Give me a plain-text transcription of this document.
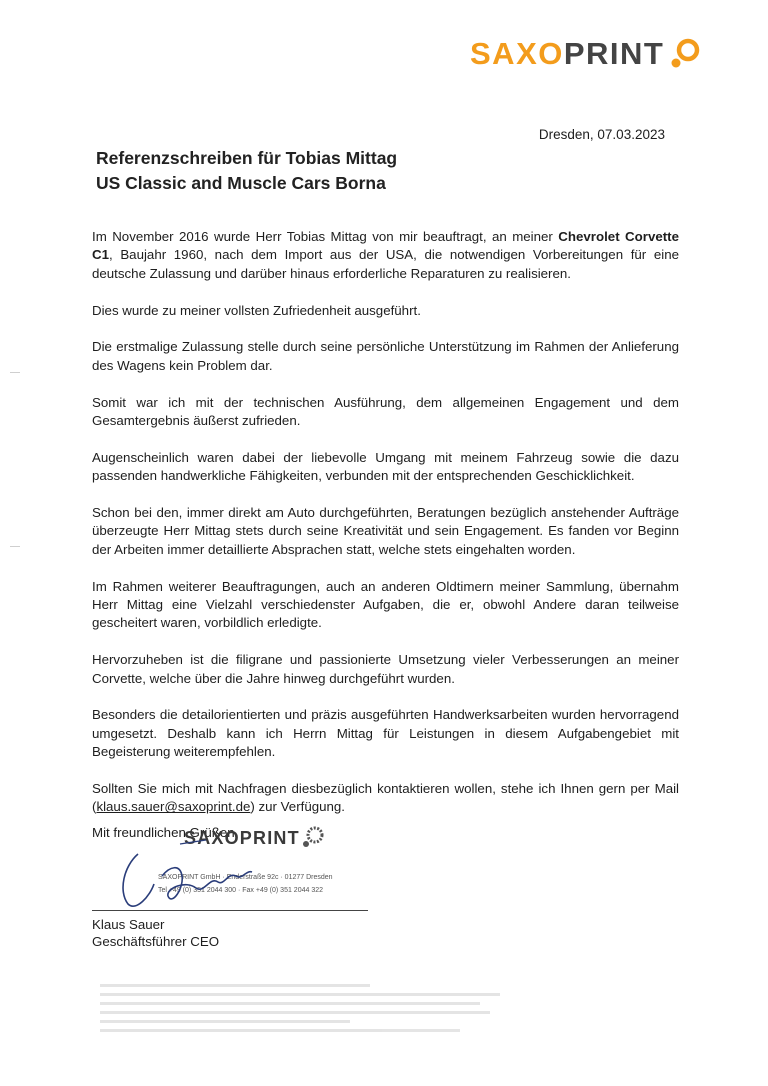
SAXOPRINT
Dresden, 07.03.2023
Referenzschreiben für Tobias Mittag
US Classic and Muscle Cars Borna

Im November 2016 wurde Herr Tobias Mittag von mir beauftragt, an meiner Chevrolet Corvette C1, Baujahr 1960, nach dem Import aus der USA, die notwendigen Vorbereitungen für eine deutsche Zulassung und darüber hinaus erforderliche Reparaturen zu realisieren.

Dies wurde zu meiner vollsten Zufriedenheit ausgeführt.

Die erstmalige Zulassung stelle durch seine persönliche Unterstützung im Rahmen der Anlieferung des Wagens kein Problem dar.

Somit war ich mit der technischen Ausführung, dem allgemeinen Engagement und dem Gesamtergebnis äußerst zufrieden.

Augenscheinlich waren dabei der liebevolle Umgang mit meinem Fahrzeug sowie die dazu passenden handwerkliche Fähigkeiten, verbunden mit der entsprechenden Geschicklichkeit.

Schon bei den, immer direkt am Auto durchgeführten, Beratungen bezüglich anstehender Aufträge überzeugte Herr Mittag stets durch seine Kreativität und sein Engagement. Es fanden vor Beginn der Arbeiten immer detaillierte Absprachen statt, welche stets eingehalten worden.

Im Rahmen weiterer Beauftragungen, auch an anderen Oldtimern meiner Sammlung, übernahm Herr Mittag eine Vielzahl verschiedenster Aufgaben, die er, obwohl Andere daran teilweise gescheitert waren, vorbildlich erledigte.

Hervorzuheben ist die filigrane und passionierte Umsetzung vieler Verbesserungen an meiner Corvette, welche über die Jahre hinweg durchgeführt wurden.

Besonders die detailorientierten und präzis ausgeführten Handwerksarbeiten wurden hervorragend umgesetzt. Deshalb kann ich Herrn Mittag für Leistungen in diesem Aufgabengebiet mit Begeisterung weiterempfehlen.

Sollten Sie mich mit Nachfragen diesbezüglich kontaktieren wollen, stehe ich Ihnen gern per Mail (klaus.sauer@saxoprint.de) zur Verfügung.

Mit freundlichen Grüßen
SAXOPRINT
SAXOPRINT GmbH · Enderstraße 92c · 01277 Dresden
Tel +49 (0) 351 2044 300 · Fax +49 (0) 351 2044 322
Klaus Sauer
Geschäftsführer CEO
